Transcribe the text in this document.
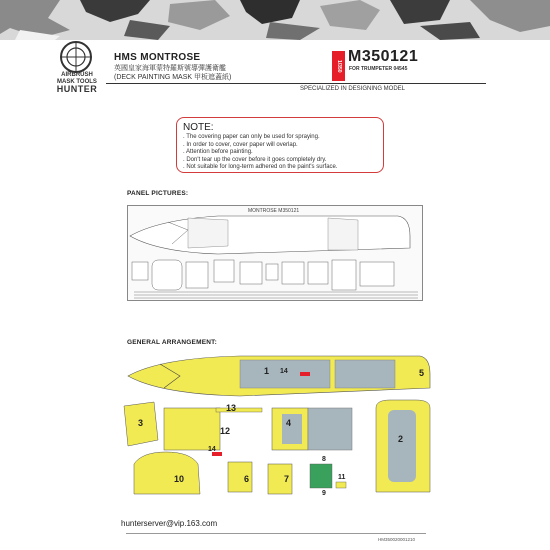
AIRBRUSH MASK TOOLS
HUNTER
HMS MONTROSE
英國皇家海軍蒙特羅斯號導彈護衛艦
(DECK PAINTING MASK 甲板遮蓋紙)
1/350
M350121
FOR TRUMPETER 04545
SPECIALIZED IN DESIGNING MODEL
NOTE:
. The covering paper can only be used for spraying.
. In order to cover, cover paper will overlap.
. Attention before painting.
. Don't tear up the cover before it goes completely dry.
. Not suitable for long-term adhered on the paint's surface.
PANEL PICTURES:
MONTROSE M350121
GENERAL ARRANGEMENT:
1 14	5
3
12
13
4
2
14
10	6	7
8
9
11
hunterserver@vip.163.com
HM350020001210
